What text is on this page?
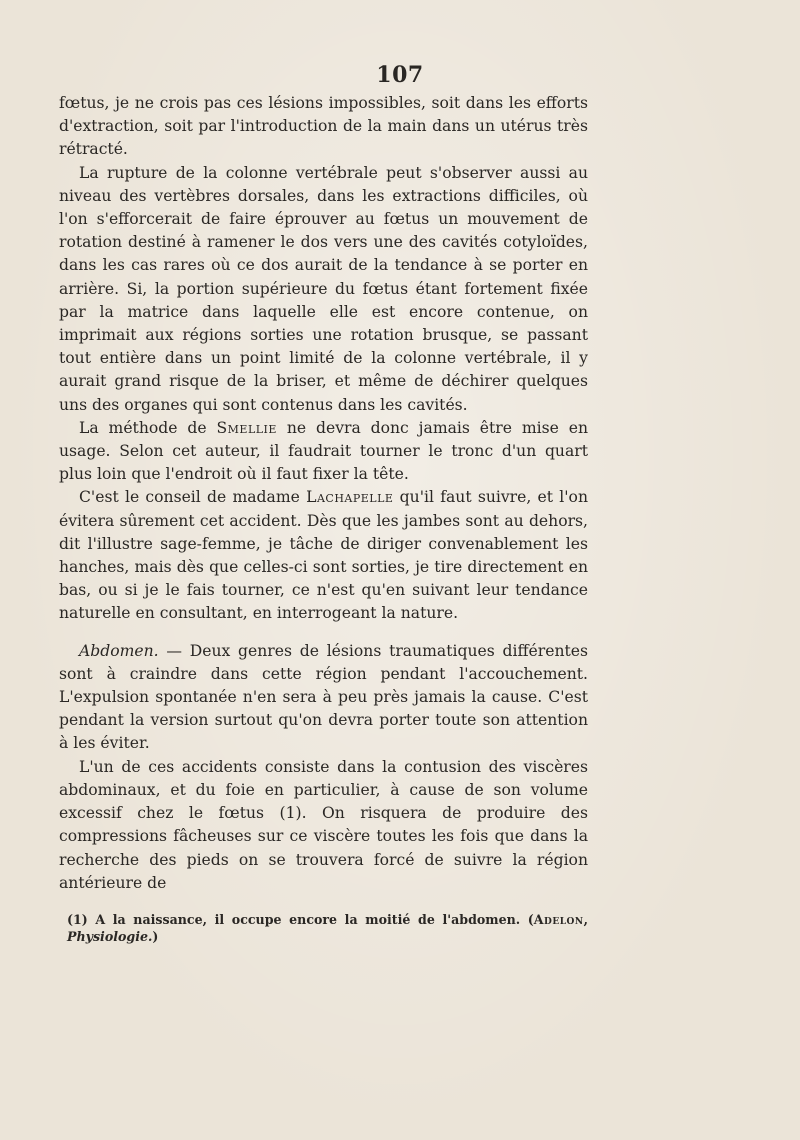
107

fœtus, je ne crois pas ces lésions impossibles, soit dans les efforts d'extraction, soit par l'introduction de la main dans un utérus très rétracté.

La rupture de la colonne vertébrale peut s'observer aussi au niveau des vertèbres dorsales, dans les extractions difficiles, où l'on s'efforcerait de faire éprouver au fœtus un mouvement de rotation destiné à ramener le dos vers une des cavités cotyloïdes, dans les cas rares où ce dos aurait de la tendance à se porter en arrière. Si, la portion supérieure du fœtus étant fortement fixée par la matrice dans laquelle elle est encore contenue, on imprimait aux régions sorties une rotation brusque, se passant tout entière dans un point limité de la colonne vertébrale, il y aurait grand risque de la briser, et même de déchirer quelques uns des organes qui sont contenus dans les cavités.

La méthode de Smellie ne devra donc jamais être mise en usage. Selon cet auteur, il faudrait tourner le tronc d'un quart plus loin que l'endroit où il faut fixer la tête.

C'est le conseil de madame Lachapelle qu'il faut suivre, et l'on évitera sûrement cet accident. Dès que les jambes sont au dehors, dit l'illustre sage-femme, je tâche de diriger convenablement les hanches, mais dès que celles-ci sont sorties, je tire directement en bas, ou si je le fais tourner, ce n'est qu'en suivant leur tendance naturelle en consultant, en interrogeant la nature.

Abdomen. — Deux genres de lésions traumatiques différentes sont à craindre dans cette région pendant l'accouchement. L'expulsion spontanée n'en sera à peu près jamais la cause. C'est pendant la version surtout qu'on devra porter toute son attention à les éviter.

L'un de ces accidents consiste dans la contusion des viscères abdominaux, et du foie en particulier, à cause de son volume excessif chez le fœtus (1). On risquera de produire des compressions fâcheuses sur ce viscère toutes les fois que dans la recherche des pieds on se trouvera forcé de suivre la région antérieure de

(1) A la naissance, il occupe encore la moitié de l'abdomen. (Adelon, Physiologie.)
